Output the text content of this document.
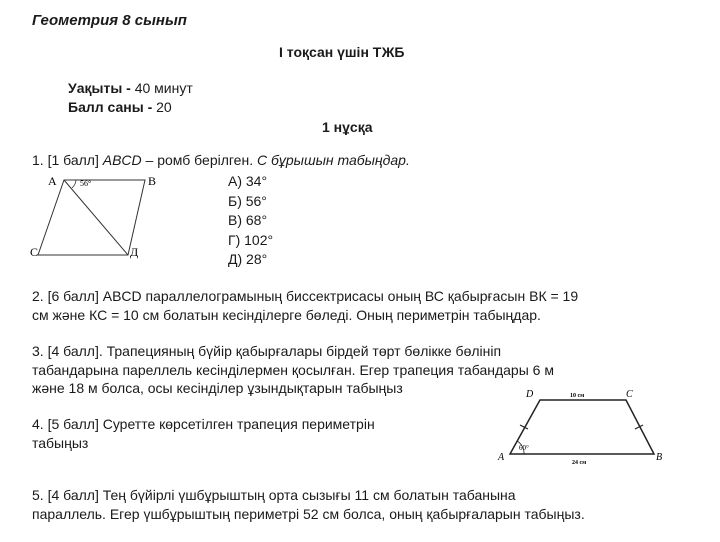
Геометрия 8 сынып
І тоқсан үшін ТЖБ
Уақыты - 40 минут
Балл саны - 20
1 нұсқа
1. [1 балл] ABCD – ромб берілген. С бұрышын табыңдар.
А	В
С	Д
56°	А) 34°
Б) 56°
В) 68°
Г) 102°
Д) 28°
2. [6 балл] ABCD параллелограмының биссектрисасы оның ВС қабырғасын ВК = 19
см және КС = 10 см болатын кесінділерге бөледі. Оның периметрін табыңдар.
3. [4 балл]. Трапецияның бүйір қабырғалары бірдей төрт бөлікке бөлініп
табандарына пареллель кесінділермен қосылған. Егер трапеция табандары 6 м
және 18 м болса, осы кесінділер ұзындықтарын табыңыз
4. [5 балл] Суретте көрсетілген трапеция периметрін
табыңыз
D	C
A	B
10 см
24 см
60°
5. [4 балл] Тең бүйірлі үшбұрыштың орта сызығы 11 см болатын табанына
параллель. Егер үшбұрыштың периметрі 52 см болса, оның қабырғаларын табыңыз.
